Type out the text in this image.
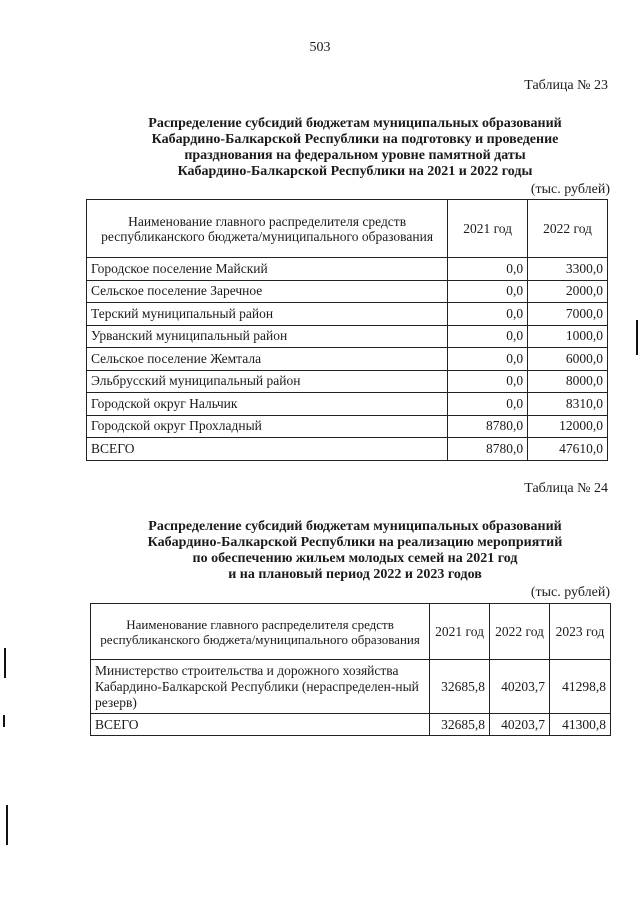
503
Таблица № 23
Распределение субсидий бюджетам муниципальных образований
Кабардино-Балкарской Республики на подготовку и проведение
празднования на федеральном уровне памятной даты
Кабардино-Балкарской Республики на 2021 и 2022 годы
(тыс. рублей)
Наименование главного распределителя средств республиканского бюджета/муниципального образования	2021 год	2022 год
Городское поселение Майский	0,0	3300,0
Сельское поселение Заречное	0,0	2000,0
Терский муниципальный район	0,0	7000,0
Урванский муниципальный район	0,0	1000,0
Сельское поселение Жемтала	0,0	6000,0
Эльбрусский муниципальный район	0,0	8000,0
Городской округ Нальчик	0,0	8310,0
Городской округ Прохладный	8780,0	12000,0
ВСЕГО	8780,0	47610,0
Таблица № 24
Распределение субсидий бюджетам муниципальных образований
Кабардино-Балкарской Республики на реализацию мероприятий
по обеспечению жильем молодых семей на 2021 год
и на плановый период 2022 и 2023 годов
(тыс. рублей)
Наименование главного распределителя средств республиканского бюджета/муниципального образования	2021 год	2022 год	2023 год
Министерство строительства и дорожного хозяйства Кабардино-Балкарской Республики (нераспределен-ный резерв)	32685,8	40203,7	41298,8
ВСЕГО	32685,8	40203,7	41300,8
